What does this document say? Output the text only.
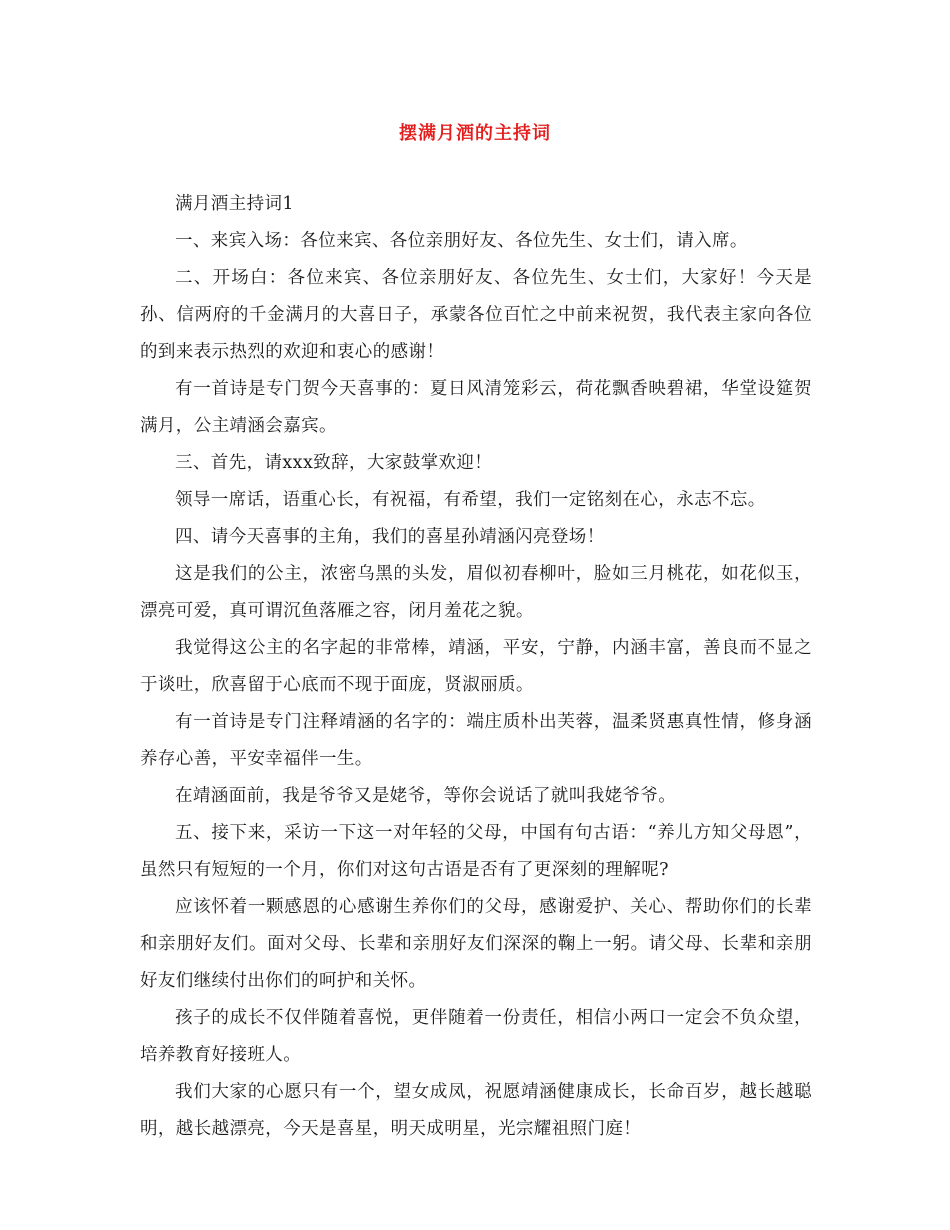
摆满月酒的主持词

满月酒主持词1

一、来宾入场：各位来宾、各位亲朋好友、各位先生、女士们，请入席。

二、开场白：各位来宾、各位亲朋好友、各位先生、女士们，大家好！今天是孙、信两府的千金满月的大喜日子，承蒙各位百忙之中前来祝贺，我代表主家向各位的到来表示热烈的欢迎和衷心的感谢！

有一首诗是专门贺今天喜事的：夏日风清笼彩云，荷花飘香映碧裙，华堂设筵贺满月，公主靖涵会嘉宾。

三、首先，请xxx致辞，大家鼓掌欢迎！

领导一席话，语重心长，有祝福，有希望，我们一定铭刻在心，永志不忘。

四、请今天喜事的主角，我们的喜星孙靖涵闪亮登场！

这是我们的公主，浓密乌黑的头发，眉似初春柳叶，脸如三月桃花，如花似玉，漂亮可爱，真可谓沉鱼落雁之容，闭月羞花之貌。

我觉得这公主的名字起的非常棒，靖涵，平安，宁静，内涵丰富，善良而不显之于谈吐，欣喜留于心底而不现于面庞，贤淑丽质。

有一首诗是专门注释靖涵的名字的：端庄质朴出芙蓉，温柔贤惠真性情，修身涵养存心善，平安幸福伴一生。

在靖涵面前，我是爷爷又是姥爷，等你会说话了就叫我姥爷爷。

五、接下来，采访一下这一对年轻的父母，中国有句古语：“养儿方知父母恩”，虽然只有短短的一个月，你们对这句古语是否有了更深刻的理解呢?

应该怀着一颗感恩的心感谢生养你们的父母，感谢爱护、关心、帮助你们的长辈和亲朋好友们。面对父母、长辈和亲朋好友们深深的鞠上一躬。请父母、长辈和亲朋好友们继续付出你们的呵护和关怀。

孩子的成长不仅伴随着喜悦，更伴随着一份责任，相信小两口一定会不负众望，培养教育好接班人。

我们大家的心愿只有一个，望女成凤，祝愿靖涵健康成长，长命百岁，越长越聪明，越长越漂亮，今天是喜星，明天成明星，光宗耀祖照门庭！
